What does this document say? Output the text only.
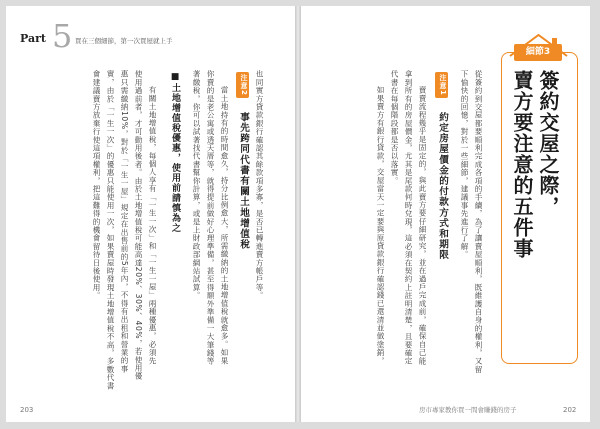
Part 5 買在三個細節，第一次買屋就上手
也同實方貸款銀行確認其餘款項多寡，是否已轉進賣方帳戶等。
注意2
事先跨同代書有關土地增值稅
當土地持有的時間愈久，持分比例愈大，所需繳納的土地增值稅就愈多。如果
你賣的是老公寓或透天厝等，就得提前做好心理準備，甚至得額外準備一大筆錢等
著繳稅，你可以試著找代書幫你計算，或是上財政部網站試算。
■土地增值稅優惠，使用前請慎為之
有關土地增值稅，每個人享有「一生一次」和「一生一屋」兩種優惠，必須先
使用過前者，才可動用後者。由於土地增值稅可能高達20%、30%、40%，若使用優
惠只需繳納10%，對於「一生一屋」規定在出售前的5年內，不得有出租和營業的事
實，由於「一生一次」的優惠只能使用一次，如果賣屋時發現土地增值稅不高，多數代書
會建議賣方放棄行使這項權利，把這難得的機會留待日後使用。
203
細節3
簽約交屋之際，
賣方要注意的五件事
從簽約到交屋都要順利完成各項的手續，為了讓賣屋順利，既維護自身的權利，又留
下愉快的回憶，對於一些細節，建議事先進行了解。
注意1
約定房屋價金的付款方式和期限
賣賣流程幾乎是固定的，與此賣方要仔細研究，並在過戶完成前，確保自己能
拿到所有的房屋價金，尤其是尾款何時兌現，這必須在契約上註明清楚，且要確定
代書在每個階段都是否以落實。
如果賣方有銀行貸款，交屋當天一定要與原貸款銀行確認錢已還清並做塗銷，
房市專家教你買一間會賺錢的房子	202
